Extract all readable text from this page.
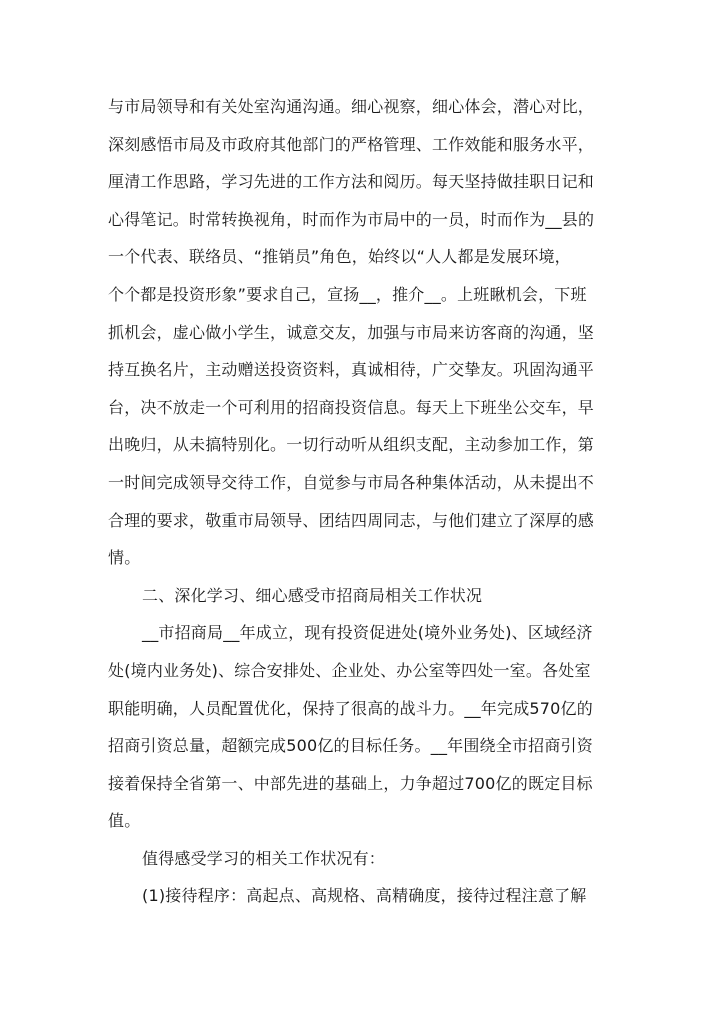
与市局领导和有关处室沟通沟通。细心视察，细心体会，潜心对比，
深刻感悟市局及市政府其他部门的严格管理、工作效能和服务水平，
厘清工作思路，学习先进的工作方法和阅历。每天坚持做挂职日记和
心得笔记。时常转换视角，时而作为市局中的一员，时而作为__县的
一个代表、联络员、“推销员”角色，始终以“人人都是发展环境，
个个都是投资形象”要求自己，宣扬__，推介__。上班瞅机会，下班
抓机会，虚心做小学生，诚意交友，加强与市局来访客商的沟通，坚
持互换名片，主动赠送投资资料，真诚相待，广交挚友。巩固沟通平
台，决不放走一个可利用的招商投资信息。每天上下班坐公交车，早
出晚归，从未搞特别化。一切行动听从组织支配，主动参加工作，第
一时间完成领导交待工作，自觉参与市局各种集体活动，从未提出不
合理的要求，敬重市局领导、团结四周同志，与他们建立了深厚的感
情。
二、深化学习、细心感受市招商局相关工作状况
__市招商局__年成立，现有投资促进处(境外业务处)、区域经济
处(境内业务处)、综合安排处、企业处、办公室等四处一室。各处室
职能明确，人员配置优化，保持了很高的战斗力。__年完成570亿的
招商引资总量，超额完成500亿的目标任务。__年围绕全市招商引资
接着保持全省第一、中部先进的基础上，力争超过700亿的既定目标
值。
值得感受学习的相关工作状况有：
(1)接待程序：高起点、高规格、高精确度，接待过程注意了解
